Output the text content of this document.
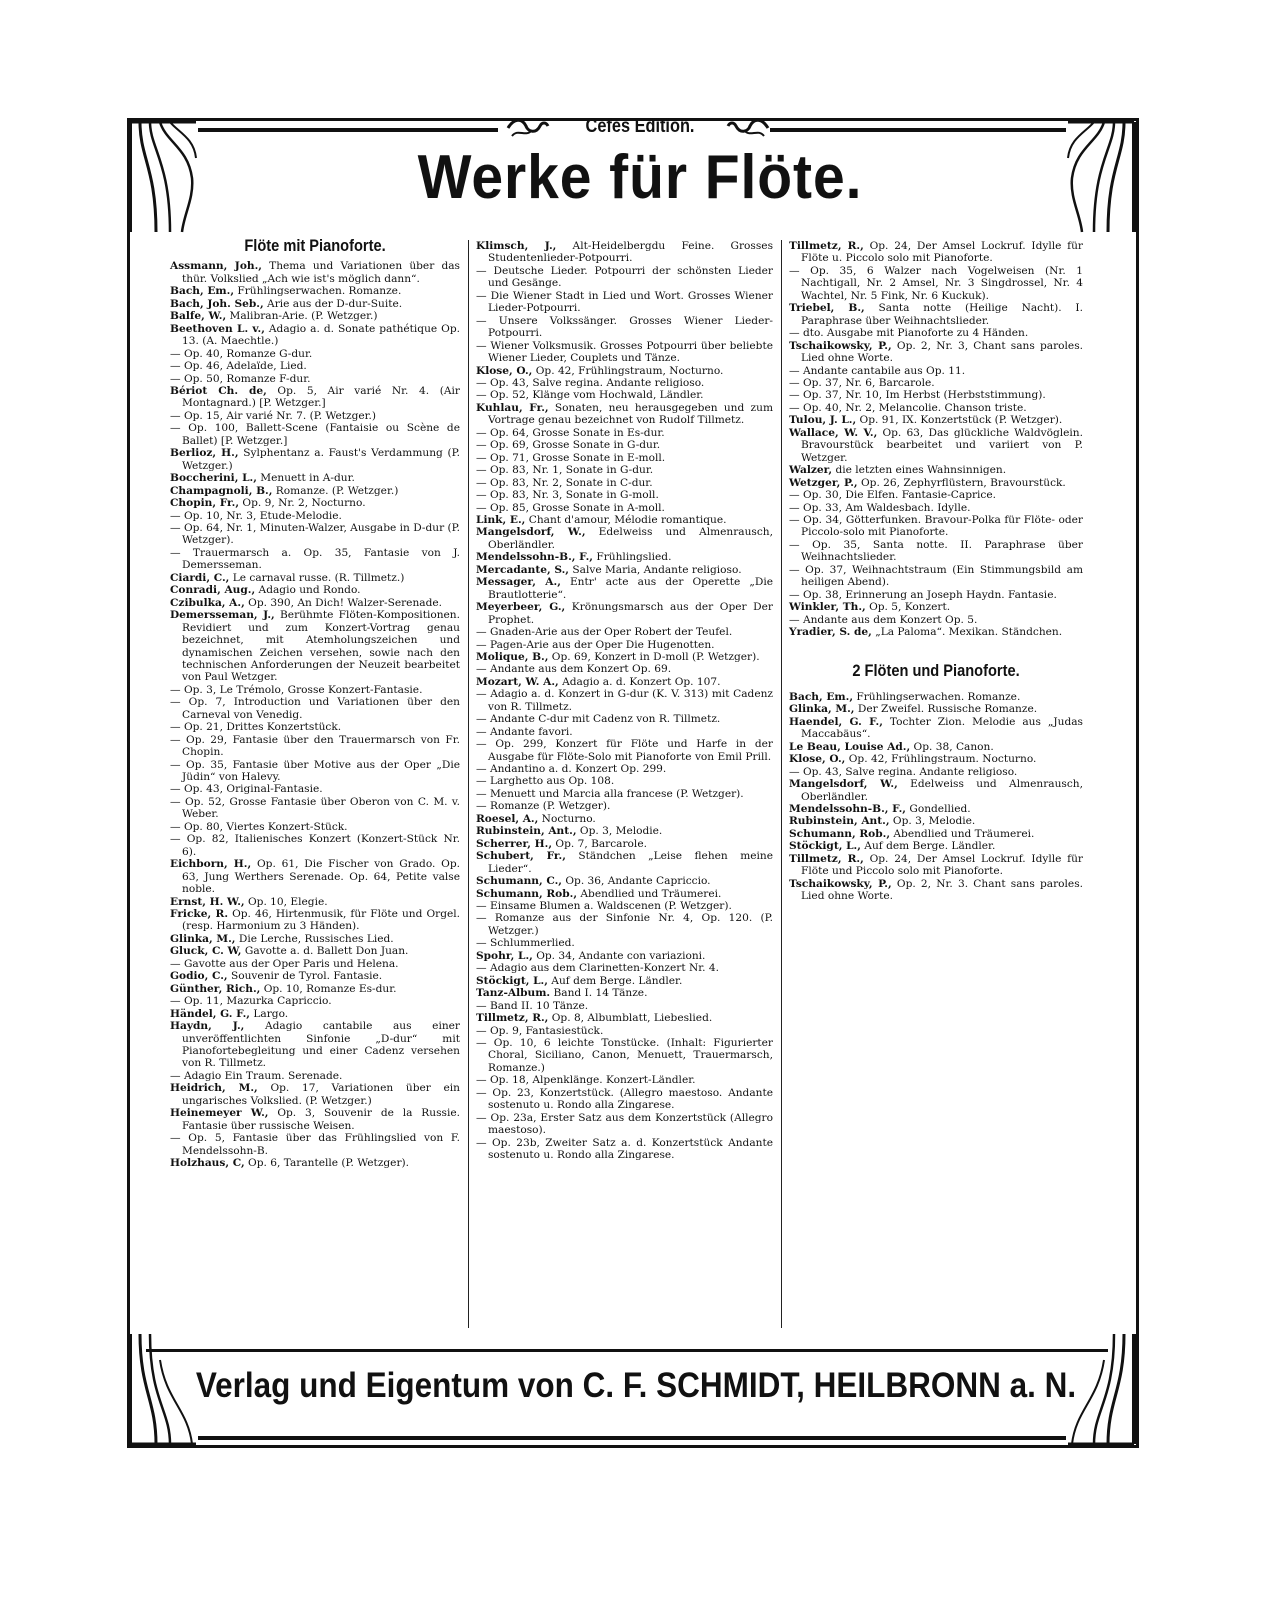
Cefes Edition.
Werke für Flöte.
Flöte mit Pianoforte.

Assmann, Joh., Thema und Variationen über das thür. Volkslied „Ach wie ist's möglich dann“.

Bach, Em., Frühlingserwachen. Romanze.

Bach, Joh. Seb., Arie aus der D-dur-Suite.

Balfe, W., Malibran-Arie. (P. Wetzger.)

Beethoven L. v., Adagio a. d. Sonate pathétique Op. 13. (A. Maechtle.)

— Op. 40, Romanze G-dur.

— Op. 46, Adelaïde, Lied.

— Op. 50, Romanze F-dur.

Bériot Ch. de, Op. 5, Air varié Nr. 4. (Air Montagnard.) [P. Wetzger.]

— Op. 15, Air varié Nr. 7. (P. Wetzger.)

— Op. 100, Ballett-Scene (Fantaisie ou Scène de Ballet) [P. Wetzger.]

Berlioz, H., Sylphentanz a. Faust's Verdammung (P. Wetzger.)

Boccherini, L., Menuett in A-dur.

Champagnoli, B., Romanze. (P. Wetzger.)

Chopin, Fr., Op. 9, Nr. 2, Nocturno.

— Op. 10, Nr. 3, Etude-Melodie.

— Op. 64, Nr. 1, Minuten-Walzer, Ausgabe in D-dur (P. Wetzger).

— Trauermarsch a. Op. 35, Fantasie von J. Demersseman.

Ciardi, C., Le carnaval russe. (R. Tillmetz.)

Conradi, Aug., Adagio und Rondo.

Czibulka, A., Op. 390, An Dich! Walzer-Serenade.

Demersseman, J., Berühmte Flöten-Kompositionen. Revidiert und zum Konzert-Vortrag genau bezeichnet, mit Atemholungszeichen und dynamischen Zeichen versehen, sowie nach den technischen Anforderungen der Neuzeit bearbeitet von Paul Wetzger.

— Op. 3, Le Trémolo, Grosse Konzert-Fantasie.

— Op. 7, Introduction und Variationen über den Carneval von Venedig.

— Op. 21, Drittes Konzertstück.

— Op. 29, Fantasie über den Trauermarsch von Fr. Chopin.

— Op. 35, Fantasie über Motive aus der Oper „Die Jüdin“ von Halevy.

— Op. 43, Original-Fantasie.

— Op. 52, Grosse Fantasie über Oberon von C. M. v. Weber.

— Op. 80, Viertes Konzert-Stück.

— Op. 82, Italienisches Konzert (Konzert-Stück Nr. 6).

Eichborn, H., Op. 61, Die Fischer von Grado. Op. 63, Jung Werthers Serenade. Op. 64, Petite valse noble.

Ernst, H. W., Op. 10, Elegie.

Fricke, R. Op. 46, Hirtenmusik, für Flöte und Orgel. (resp. Harmonium zu 3 Händen).

Glinka, M., Die Lerche, Russisches Lied.

Gluck, C. W, Gavotte a. d. Ballett Don Juan.

— Gavotte aus der Oper Paris und Helena.

Godio, C., Souvenir de Tyrol. Fantasie.

Günther, Rich., Op. 10, Romanze Es-dur.

— Op. 11, Mazurka Capriccio.

Händel, G. F., Largo.

Haydn, J., Adagio cantabile aus einer unveröffentlichten Sinfonie „D-dur“ mit Pianofortebegleitung und einer Cadenz versehen von R. Tillmetz.

— Adagio Ein Traum. Serenade.

Heidrich, M., Op. 17, Variationen über ein ungarisches Volkslied. (P. Wetzger.)

Heinemeyer W., Op. 3, Souvenir de la Russie. Fantasie über russische Weisen.

— Op. 5, Fantasie über das Frühlingslied von F. Mendelssohn-B.

Holzhaus, C, Op. 6, Tarantelle (P. Wetzger).

Klimsch, J., Alt-Heidelbergdu Feine. Grosses Studentenlieder-Potpourri.

— Deutsche Lieder. Potpourri der schönsten Lieder und Gesänge.

— Die Wiener Stadt in Lied und Wort. Grosses Wiener Lieder-Potpourri.

— Unsere Volkssänger. Grosses Wiener Lieder-Potpourri.

— Wiener Volksmusik. Grosses Potpourri über beliebte Wiener Lieder, Couplets und Tänze.

Klose, O., Op. 42, Frühlingstraum, Nocturno.

— Op. 43, Salve regina. Andante religioso.

— Op. 52, Klänge vom Hochwald, Ländler.

Kuhlau, Fr., Sonaten, neu herausgegeben und zum Vortrage genau bezeichnet von Rudolf Tillmetz.

— Op. 64, Grosse Sonate in Es-dur.

— Op. 69, Grosse Sonate in G-dur.

— Op. 71, Grosse Sonate in E-moll.

— Op. 83, Nr. 1, Sonate in G-dur.

— Op. 83, Nr. 2, Sonate in C-dur.

— Op. 83, Nr. 3, Sonate in G-moll.

— Op. 85, Grosse Sonate in A-moll.

Link, E., Chant d'amour, Mélodie romantique.

Mangelsdorf, W., Edelweiss und Almenrausch, Oberländler.

Mendelssohn-B., F., Frühlingslied.

Mercadante, S., Salve Maria, Andante religioso.

Messager, A., Entr' acte aus der Operette „Die Brautlotterie“.

Meyerbeer, G., Krönungsmarsch aus der Oper Der Prophet.

— Gnaden-Arie aus der Oper Robert der Teufel.

— Pagen-Arie aus der Oper Die Hugenotten.

Molique, B., Op. 69, Konzert in D-moll (P. Wetzger).

— Andante aus dem Konzert Op. 69.

Mozart, W. A., Adagio a. d. Konzert Op. 107.

— Adagio a. d. Konzert in G-dur (K. V. 313) mit Cadenz von R. Tillmetz.

— Andante C-dur mit Cadenz von R. Tillmetz.

— Andante favori.

— Op. 299, Konzert für Flöte und Harfe in der Ausgabe für Flöte-Solo mit Pianoforte von Emil Prill.

— Andantino a. d. Konzert Op. 299.

— Larghetto aus Op. 108.

— Menuett und Marcia alla francese (P. Wetzger).

— Romanze (P. Wetzger).

Roesel, A., Nocturno.

Rubinstein, Ant., Op. 3, Melodie.

Scherrer, H., Op. 7, Barcarole.

Schubert, Fr., Ständchen „Leise flehen meine Lieder“.

Schumann, C., Op. 36, Andante Capriccio.

Schumann, Rob., Abendlied und Träumerei.

— Einsame Blumen a. Waldscenen (P. Wetzger).

— Romanze aus der Sinfonie Nr. 4, Op. 120. (P. Wetzger.)

— Schlummerlied.

Spohr, L., Op. 34, Andante con variazioni.

— Adagio aus dem Clarinetten-Konzert Nr. 4.

Stöckigt, L., Auf dem Berge. Ländler.

Tanz-Album. Band I. 14 Tänze.

— Band II. 10 Tänze.

Tillmetz, R., Op. 8, Albumblatt, Liebeslied.

— Op. 9, Fantasiestück.

— Op. 10, 6 leichte Tonstücke. (Inhalt: Figurierter Choral, Siciliano, Canon, Menuett, Trauermarsch, Romanze.)

— Op. 18, Alpenklänge. Konzert-Ländler.

— Op. 23, Konzertstück. (Allegro maestoso. Andante sostenuto u. Rondo alla Zingarese.

— Op. 23a, Erster Satz aus dem Konzertstück (Allegro maestoso).

— Op. 23b, Zweiter Satz a. d. Konzertstück Andante sostenuto u. Rondo alla Zingarese.

Tillmetz, R., Op. 24, Der Amsel Lockruf. Idylle für Flöte u. Piccolo solo mit Pianoforte.

— Op. 35, 6 Walzer nach Vogelweisen (Nr. 1 Nachtigall, Nr. 2 Amsel, Nr. 3 Singdrossel, Nr. 4 Wachtel, Nr. 5 Fink, Nr. 6 Kuckuk).

Triebel, B., Santa notte (Heilige Nacht). I. Paraphrase über Weihnachtslieder.

— dto. Ausgabe mit Pianoforte zu 4 Händen.

Tschaikowsky, P., Op. 2, Nr. 3, Chant sans paroles. Lied ohne Worte.

— Andante cantabile aus Op. 11.

— Op. 37, Nr. 6, Barcarole.

— Op. 37, Nr. 10, Im Herbst (Herbststimmung).

— Op. 40, Nr. 2, Melancolie. Chanson triste.

Tulou, J. L., Op. 91, IX. Konzertstück (P. Wetzger).

Wallace, W. V., Op. 63, Das glückliche Waldvöglein. Bravourstück bearbeitet und variiert von P. Wetzger.

Walzer, die letzten eines Wahnsinnigen.

Wetzger, P., Op. 26, Zephyrflüstern, Bravourstück.

— Op. 30, Die Elfen. Fantasie-Caprice.

— Op. 33, Am Waldesbach. Idylle.

— Op. 34, Götterfunken. Bravour-Polka für Flöte- oder Piccolo-solo mit Pianoforte.

— Op. 35, Santa notte. II. Paraphrase über Weihnachtslieder.

— Op. 37, Weihnachtstraum (Ein Stimmungsbild am heiligen Abend).

— Op. 38, Erinnerung an Joseph Haydn. Fantasie.

Winkler, Th., Op. 5, Konzert.

— Andante aus dem Konzert Op. 5.

Yradier, S. de, „La Paloma“. Mexikan. Ständchen.

2 Flöten und Pianoforte.

Bach, Em., Frühlingserwachen. Romanze.

Glinka, M., Der Zweifel. Russische Romanze.

Haendel, G. F., Tochter Zion. Melodie aus „Judas Maccabäus“.

Le Beau, Louise Ad., Op. 38, Canon.

Klose, O., Op. 42, Frühlingstraum. Nocturno.

— Op. 43, Salve regina. Andante religioso.

Mangelsdorf, W., Edelweiss und Almenrausch, Oberländler.

Mendelssohn-B., F., Gondellied.

Rubinstein, Ant., Op. 3, Melodie.

Schumann, Rob., Abendlied und Träumerei.

Stöckigt, L., Auf dem Berge. Ländler.

Tillmetz, R., Op. 24, Der Amsel Lockruf. Idylle für Flöte und Piccolo solo mit Pianoforte.

Tschaikowsky, P., Op. 2, Nr. 3. Chant sans paroles. Lied ohne Worte.

Verlag und Eigentum von C. F. SCHMIDT, HEILBRONN a. N.
